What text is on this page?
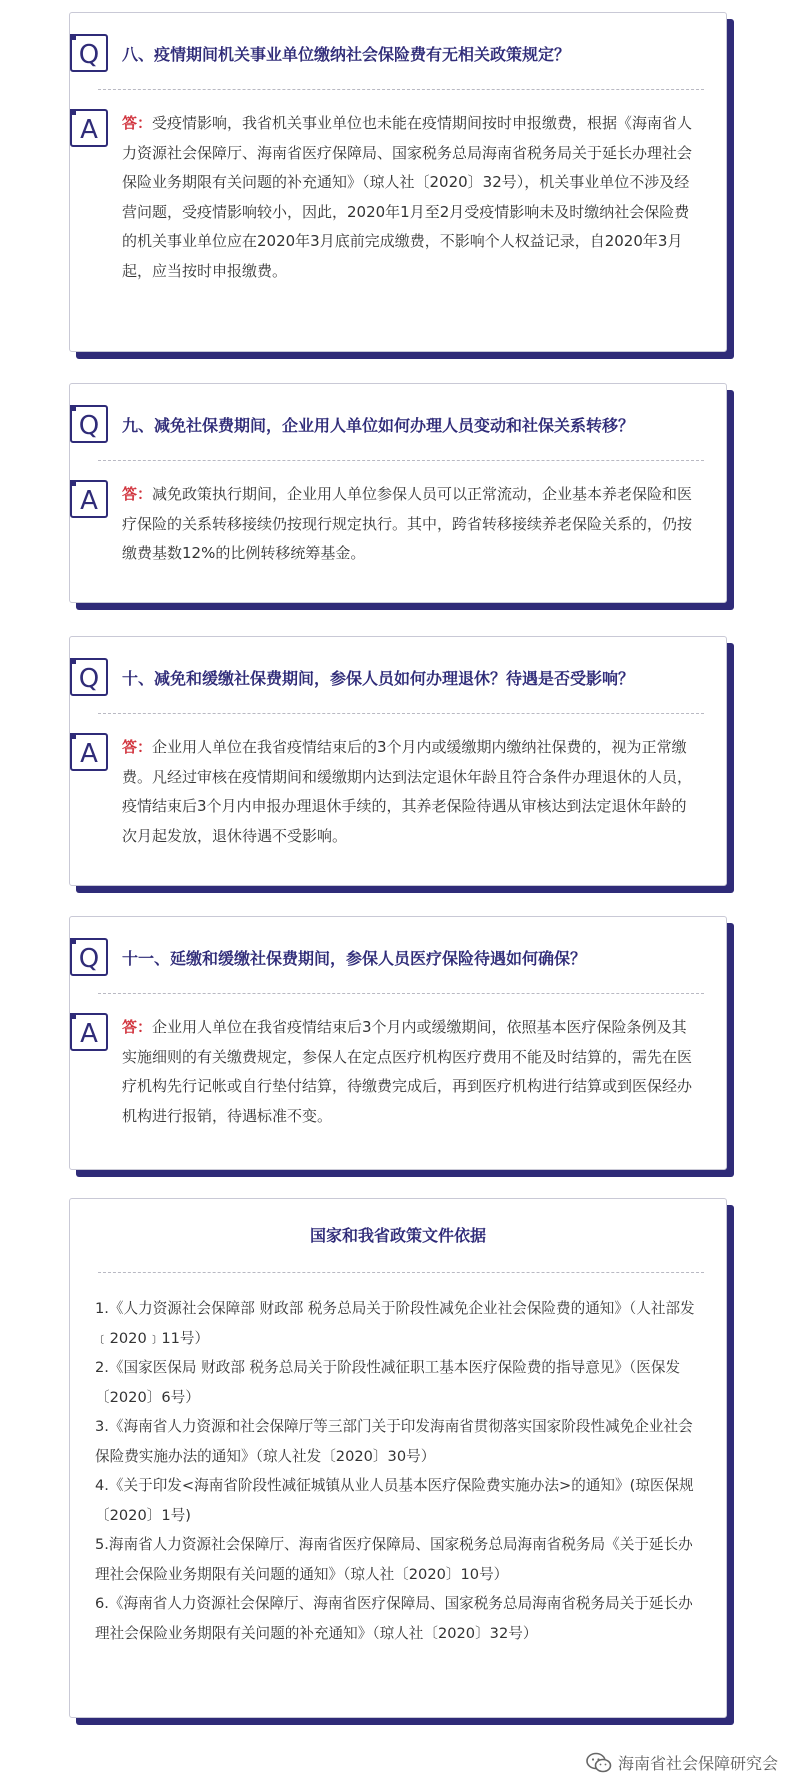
Q	八、疫情期间机关事业单位缴纳社会保险费有无相关政策规定？
A	答：受疫情影响，我省机关事业单位也未能在疫情期间按时申报缴费，根据《海南省人力资源社会保障厅、海南省医疗保障局、国家税务总局海南省税务局关于延长办理社会保险业务期限有关问题的补充通知》（琼人社〔2020〕32号），机关事业单位不涉及经营问题，受疫情影响较小，因此，2020年1月至2月受疫情影响未及时缴纳社会保险费的机关事业单位应在2020年3月底前完成缴费，不影响个人权益记录，自2020年3月起，应当按时申报缴费。
Q	九、减免社保费期间，企业用人单位如何办理人员变动和社保关系转移？
A	答：减免政策执行期间，企业用人单位参保人员可以正常流动，企业基本养老保险和医疗保险的关系转移接续仍按现行规定执行。其中，跨省转移接续养老保险关系的，仍按缴费基数12%的比例转移统筹基金。
Q	十、减免和缓缴社保费期间，参保人员如何办理退休？待遇是否受影响？
A	答：企业用人单位在我省疫情结束后的3个月内或缓缴期内缴纳社保费的，视为正常缴费。凡经过审核在疫情期间和缓缴期内达到法定退休年龄且符合条件办理退休的人员，疫情结束后3个月内申报办理退休手续的，其养老保险待遇从审核达到法定退休年龄的次月起发放，退休待遇不受影响。
Q	十一、延缴和缓缴社保费期间，参保人员医疗保险待遇如何确保？
A	答：企业用人单位在我省疫情结束后3个月内或缓缴期间，依照基本医疗保险条例及其实施细则的有关缴费规定，参保人在定点医疗机构医疗费用不能及时结算的，需先在医疗机构先行记帐或自行垫付结算，待缴费完成后，再到医疗机构进行结算或到医保经办机构进行报销，待遇标准不变。
国家和我省政策文件依据

1.《人力资源社会保障部 财政部 税务总局关于阶段性减免企业社会保险费的通知》（人社部发﹝2020﹞11号）

2.《国家医保局 财政部 税务总局关于阶段性减征职工基本医疗保险费的指导意见》（医保发〔2020〕6号）

3.《海南省人力资源和社会保障厅等三部门关于印发海南省贯彻落实国家阶段性减免企业社会保险费实施办法的通知》（琼人社发〔2020〕30号）

4.《关于印发<海南省阶段性减征城镇从业人员基本医疗保险费实施办法>的通知》(琼医保规〔2020〕1号)

5.海南省人力资源社会保障厅、海南省医疗保障局、国家税务总局海南省税务局《关于延长办理社会保险业务期限有关问题的通知》（琼人社〔2020〕10号）

6.《海南省人力资源社会保障厅、海南省医疗保障局、国家税务总局海南省税务局关于延长办理社会保险业务期限有关问题的补充通知》（琼人社〔2020〕32号）

海南省社会保障研究会
